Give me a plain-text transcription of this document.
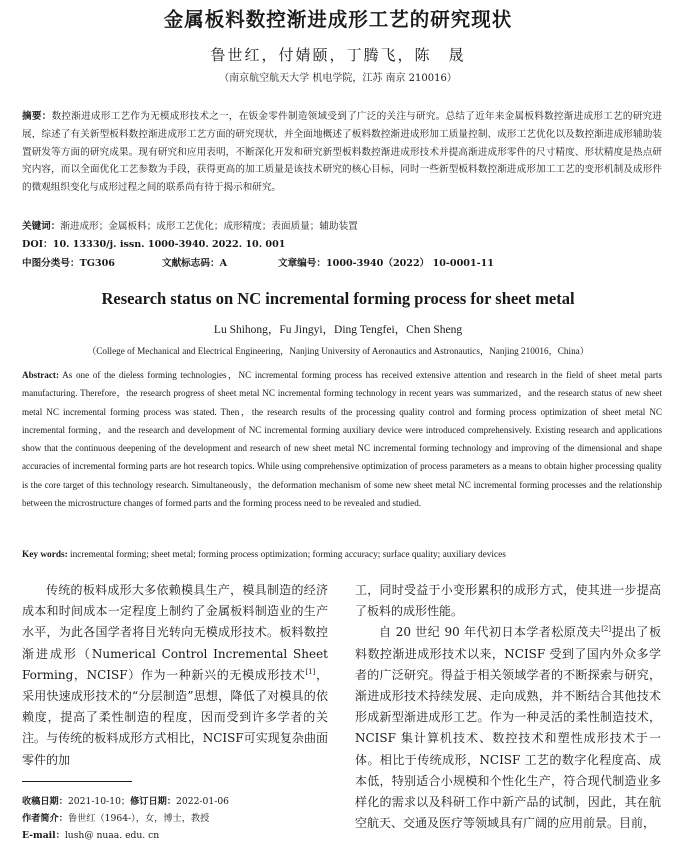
金属板料数控渐进成形工艺的研究现状
鲁世红，付婧颐，丁腾飞，陈　晟
（南京航空航天大学 机电学院，江苏 南京 210016）

摘要：数控渐进成形工艺作为无模成形技术之一，在钣金零件制造领域受到了广泛的关注与研究。总结了近年来金属板料数控渐进成形工艺的研究进展，综述了有关新型板料数控渐进成形工艺方面的研究现状，并全面地概述了板料数控渐进成形加工质量控制、成形工艺优化以及数控渐进成形辅助装置研发等方面的研究成果。现有研究和应用表明，不断深化开发和研究新型板料数控渐进成形技术并提高渐进成形零件的尺寸精度、形状精度是热点研究内容，而以全面优化工艺参数为手段，获得更高的加工质量是该技术研究的核心目标，同时一些新型板料数控渐进成形加工工艺的变形机制及成形件的微观组织变化与成形过程之间的联系尚有待于揭示和研究。

关键词：渐进成形；金属板料；成形工艺优化；成形精度；表面质量；辅助装置

DOI：10. 13330/j. issn. 1000-3940. 2022. 10. 001

中图分类号：TG306	文献标志码：A	文章编号：1000-3940（2022） 10-0001-11
Research status on NC incremental forming process for sheet metal
Lu Shihong，Fu Jingyi，Ding Tengfei，Chen Sheng
（College of Mechanical and Electrical Engineering，Nanjing University of Aeronautics and Astronautics，Nanjing 210016，China）

Abstract: As one of the dieless forming technologies，NC incremental forming process has received extensive attention and research in the field of sheet metal parts manufacturing. Therefore，the research progress of sheet metal NC incremental forming technology in recent years was summarized，and the research status of new sheet metal NC incremental forming process was stated. Then，the research results of the processing quality control and forming process optimization of sheet metal NC incremental forming，and the research and development of NC incremental forming auxiliary device were introduced comprehensively. Existing research and applications show that the continuous deepening of the development and research of new sheet metal NC incremental forming technology and improving of the dimensional and shape accuracies of incremental forming parts are hot research topics. While using comprehensive optimization of process parameters as a means to obtain higher processing quality is the core target of this technology research. Simultaneously，the deformation mechanism of some new sheet metal NC incremental forming processes and the relationship between the microstructure changes of formed parts and the forming process need to be revealed and studied.

Key words: incremental forming; sheet metal; forming process optimization; forming accuracy; surface quality; auxiliary devices

传统的板料成形大多依赖模具生产，模具制造的经济成本和时间成本一定程度上制约了金属板料制造业的生产水平，为此各国学者将目光转向无模成形技术。板料数控渐进成形（Numerical Control Incremental Sheet Forming，NCISF）作为一种新兴的无模成形技术[1]，采用快速成形技术的“分层制造”思想，降低了对模具的依赖度，提高了柔性制造的程度，因而受到许多学者的关注。与传统的板料成形方式相比，NCISF可实现复杂曲面零件的加

工，同时受益于小变形累积的成形方式，使其进一步提高了板料的成形性能。

自 20 世纪 90 年代初日本学者松原茂夫[2]提出了板料数控渐进成形技术以来，NCISF 受到了国内外众多学者的广泛研究。得益于相关领域学者的不断探索与研究，渐进成形技术持续发展、走向成熟，并不断结合其他技术形成新型渐进成形工艺。作为一种灵活的柔性制造技术，NCISF 集计算机技术、数控技术和塑性成形技术于一体。相比于传统成形，NCISF 工艺的数字化程度高、成本低，特别适合小规模和个性化生产，符合现代制造业多样化的需求以及科研工作中新产品的试制，因此，其在航空航天、交通及医疗等领域具有广阔的应用前景。目前，

收稿日期：2021-10-10；修订日期：2022-01-06
作者简介：鲁世红（1964-），女，博士，教授
E-mail：lush@ nuaa. edu. cn
